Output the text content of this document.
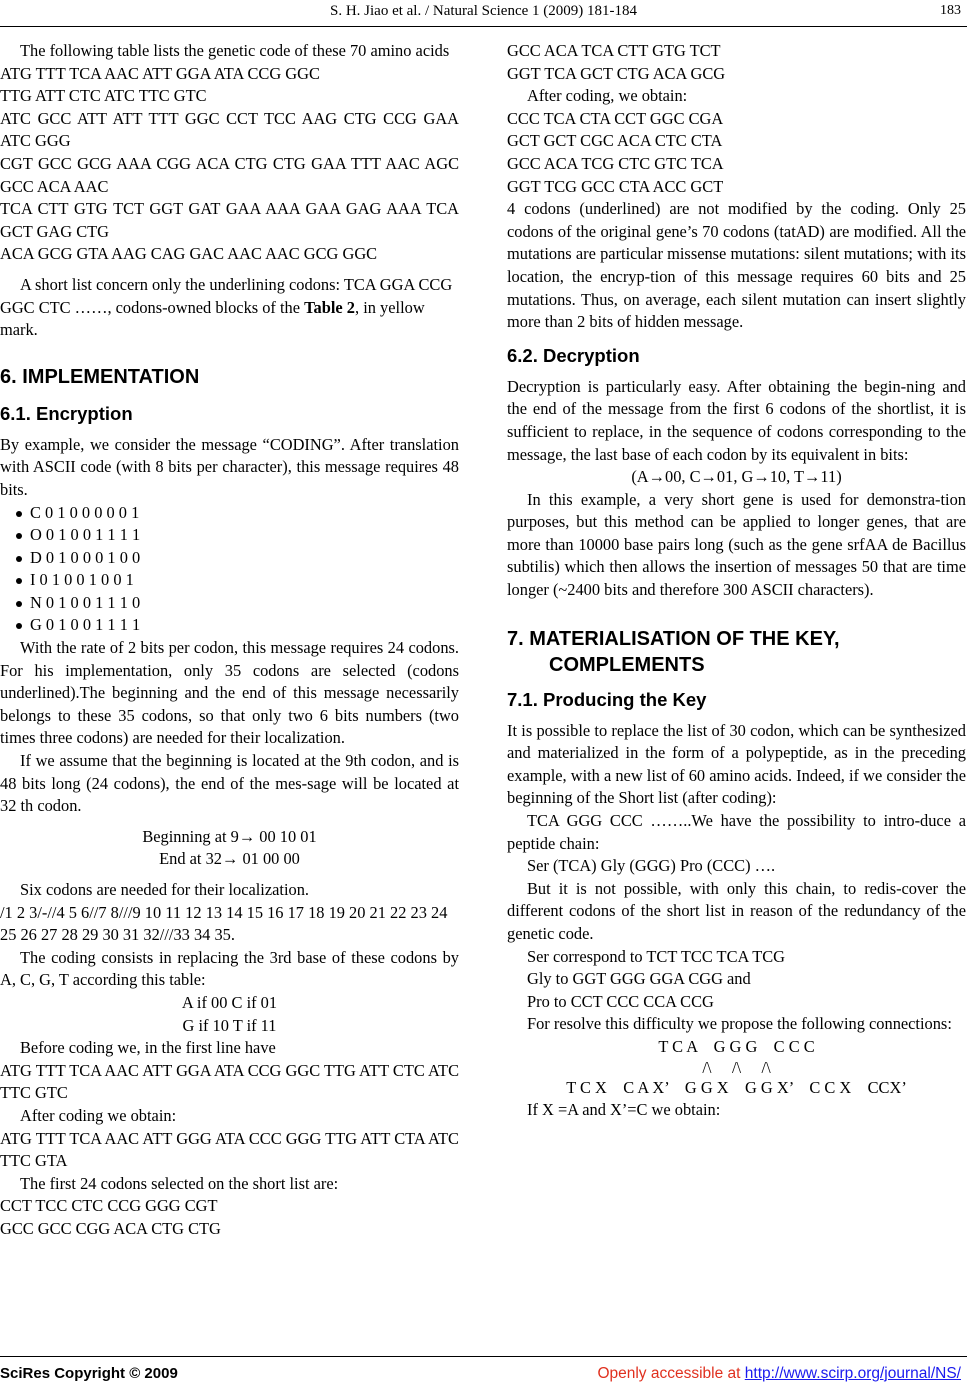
S. H. Jiao et al. / Natural Science 1 (2009) 181-184	183

The following table lists the genetic code of these 70 amino acids

ATG TTT TCA AAC ATT GGA ATA CCG GGC

TTG ATT CTC ATC TTC GTC

ATC GCC ATT ATT TTT GGC CCT TCC AAG CTG CCG GAA ATC GGG

CGT GCC GCG AAA CGG ACA CTG CTG GAA TTT AAC AGC GCC ACA AAC

TCA CTT GTG TCT GGT GAT GAA AAA GAA GAG AAA TCA GCT GAG CTG

ACA GCG GTA AAG CAG GAC AAC AAC GCG GGC

A short list concern only the underlining codons: TCA GGA CCG GGC CTC ……, codons-owned blocks of the Table 2, in yellow mark.

6. IMPLEMENTATION
6.1. Encryption

By example, we consider the message “CODING”. After translation with ASCII code (with 8 bits per character), this message requires 48 bits.

C 0 1 0 0 0 0 0 1
O 0 1 0 0 1 1 1 1
D 0 1 0 0 0 1 0 0
I 0 1 0 0 1 0 0 1
N 0 1 0 0 1 1 1 0
G 0 1 0 0 1 1 1 1

With the rate of 2 bits per codon, this message requires 24 codons. For his implementation, only 35 codons are selected (codons underlined).The beginning and the end of this message necessarily belongs to these 35 codons, so that only two 6 bits numbers (two times three codons) are needed for their localization.

If we assume that the beginning is located at the 9th codon, and is 48 bits long (24 codons), the end of the mes-sage will be located at 32 th codon.

Beginning at 9→ 00 10 01

End at 32→ 01 00 00

Six codons are needed for their localization.

/1 2 3/-//4 5 6//7 8///9 10 11 12 13 14 15 16 17 18 19 20 21 22 23 24 25 26 27 28 29 30 31 32///33 34 35.

The coding consists in replacing the 3rd base of these codons by A, C, G, T according this table:

A if 00 C if 01

G if 10 T if 11

Before coding we, in the first line have

ATG TTT TCA AAC ATT GGA ATA CCG GGC TTG ATT CTC ATC TTC GTC

After coding we obtain:

ATG TTT TCA AAC ATT GGG ATA CCC GGG TTG ATT CTA ATC TTC GTA

The first 24 codons selected on the short list are:

CCT TCC CTC CCG GGG CGT

GCC GCC CGG ACA CTG CTG

GCC ACA TCA CTT GTG TCT

GGT TCA GCT CTG ACA GCG

After coding, we obtain:

CCC TCA CTA CCT GGC CGA

GCT GCT CGC ACA CTC CTA

GCC ACA TCG CTC GTC TCA

GGT TCG GCC CTA ACC GCT

4 codons (underlined) are not modified by the coding. Only 25 codons of the original gene’s 70 codons (tatAD) are modified. All the mutations are particular missense mutations: silent mutations; with its location, the encryp-tion of this message requires 60 bits and 25 mutations. Thus, on average, each silent mutation can insert slightly more than 2 bits of hidden message.

6.2. Decryption

Decryption is particularly easy. After obtaining the begin-ning and the end of the message from the first 6 codons of the shortlist, it is sufficient to replace, in the sequence of codons corresponding to the message, the last base of each codon by its equivalent in bits:

(A→00, C→01, G→10, T→11)

In this example, a very short gene is used for demonstra-tion purposes, but this method can be applied to longer genes, that are more than 10000 base pairs long (such as the gene srfAA de Bacillus subtilis) which then allows the insertion of messages 50 that are time longer (~2400 bits and therefore 300 ASCII characters).

7. MATERIALISATION OF THE KEY,
COMPLEMENTS
7.1. Producing the Key

It is possible to replace the list of 30 codon, which can be synthesized and materialized in the form of a polypeptide, as in the preceding example, with a new list of 60 amino acids. Indeed, if we consider the beginning of the Short list (after coding):

TCA GGG CCC ……..We have the possibility to intro-duce a peptide chain:

Ser (TCA) Gly (GGG) Pro (CCC) ….

But it is not possible, with only this chain, to redis-cover the different codons of the short list in reason of the redundancy of the genetic code.

Ser correspond to TCT TCC TCA TCG

Gly to GGT GGG GGA CGG and

Pro to CCT CCC CCA CCG

For resolve this difficulty we propose the following connections:

T C A    G G G    C C C

/\     /\     /\

T C X    C A X’    G G X    G G X’    C C X    CCX’

If X =A and X’=C we obtain:

SciRes Copyright © 2009	Openly accessible at http://www.scirp.org/journal/NS/
